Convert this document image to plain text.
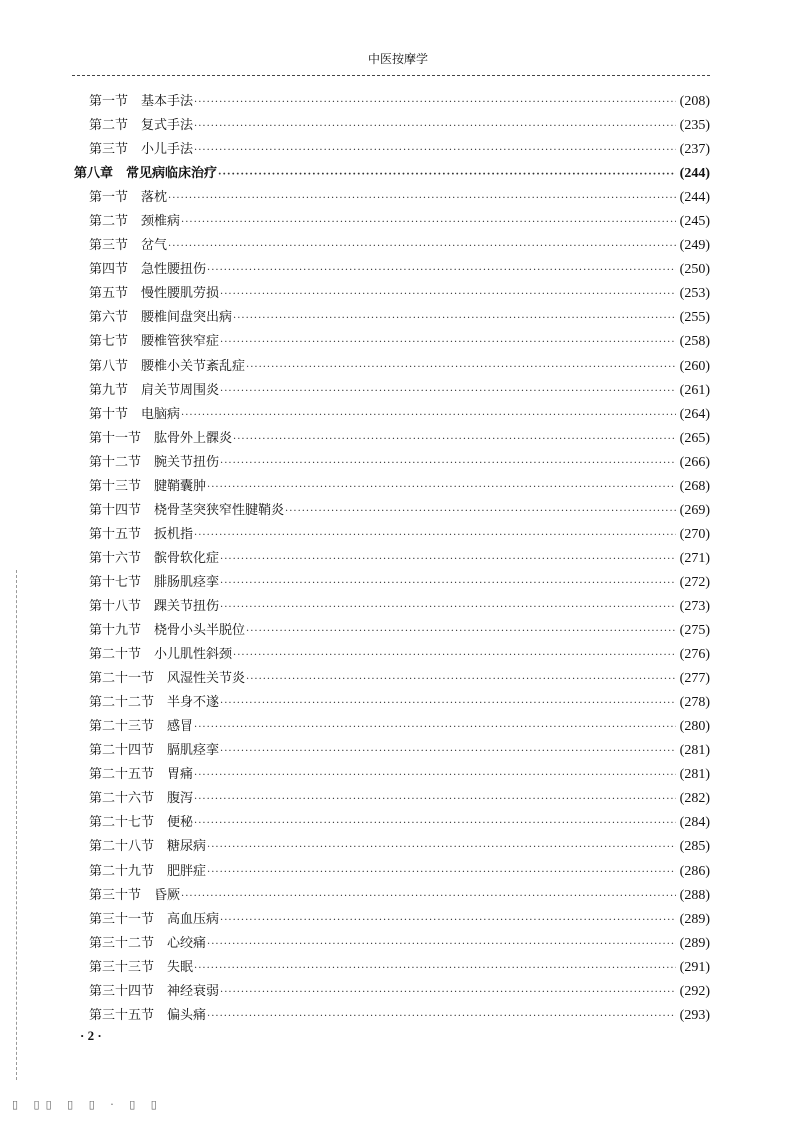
中医按摩学
第一节 基本手法 ·····	(208)
第二节 复式手法 ·····	(235)
第三节 小儿手法 ·····	(237)
第八章 常见病临床治疗 ·····	(244)
第一节 落枕 ·····	(244)
第二节 颈椎病 ·····	(245)
第三节 岔气 ·····	(249)
第四节 急性腰扭伤 ·····	(250)
第五节 慢性腰肌劳损 ·····	(253)
第六节 腰椎间盘突出病 ·····	(255)
第七节 腰椎管狭窄症 ·····	(258)
第八节 腰椎小关节紊乱症 ·····	(260)
第九节 肩关节周围炎 ·····	(261)
第十节 电脑病 ·····	(264)
第十一节 肱骨外上髁炎 ·····	(265)
第十二节 腕关节扭伤 ·····	(266)
第十三节 腱鞘囊肿 ·····	(268)
第十四节 桡骨茎突狭窄性腱鞘炎 ·····	(269)
第十五节 扳机指 ·····	(270)
第十六节 髌骨软化症 ·····	(271)
第十七节 腓肠肌痉挛 ·····	(272)
第十八节 踝关节扭伤 ·····	(273)
第十九节 桡骨小头半脱位 ·····	(275)
第二十节 小儿肌性斜颈 ·····	(276)
第二十一节 风湿性关节炎 ·····	(277)
第二十二节 半身不遂 ·····	(278)
第二十三节 感冒 ·····	(280)
第二十四节 膈肌痉挛 ·····	(281)
第二十五节 胃痛 ·····	(281)
第二十六节 腹泻 ·····	(282)
第二十七节 便秘 ·····	(284)
第二十八节 糖尿病 ·····	(285)
第二十九节 肥胖症 ·····	(286)
第三十节 昏厥 ·····	(288)
第三十一节 高血压病 ·····	(289)
第三十二节 心绞痛 ·····	(289)
第三十三节 失眠 ·····	(291)
第三十四节 神经衰弱 ·····	(292)
第三十五节 偏头痛 ·····	(293)
· 2 ·
▯ ▯▯ ▯ ▯ · ▯ ▯
